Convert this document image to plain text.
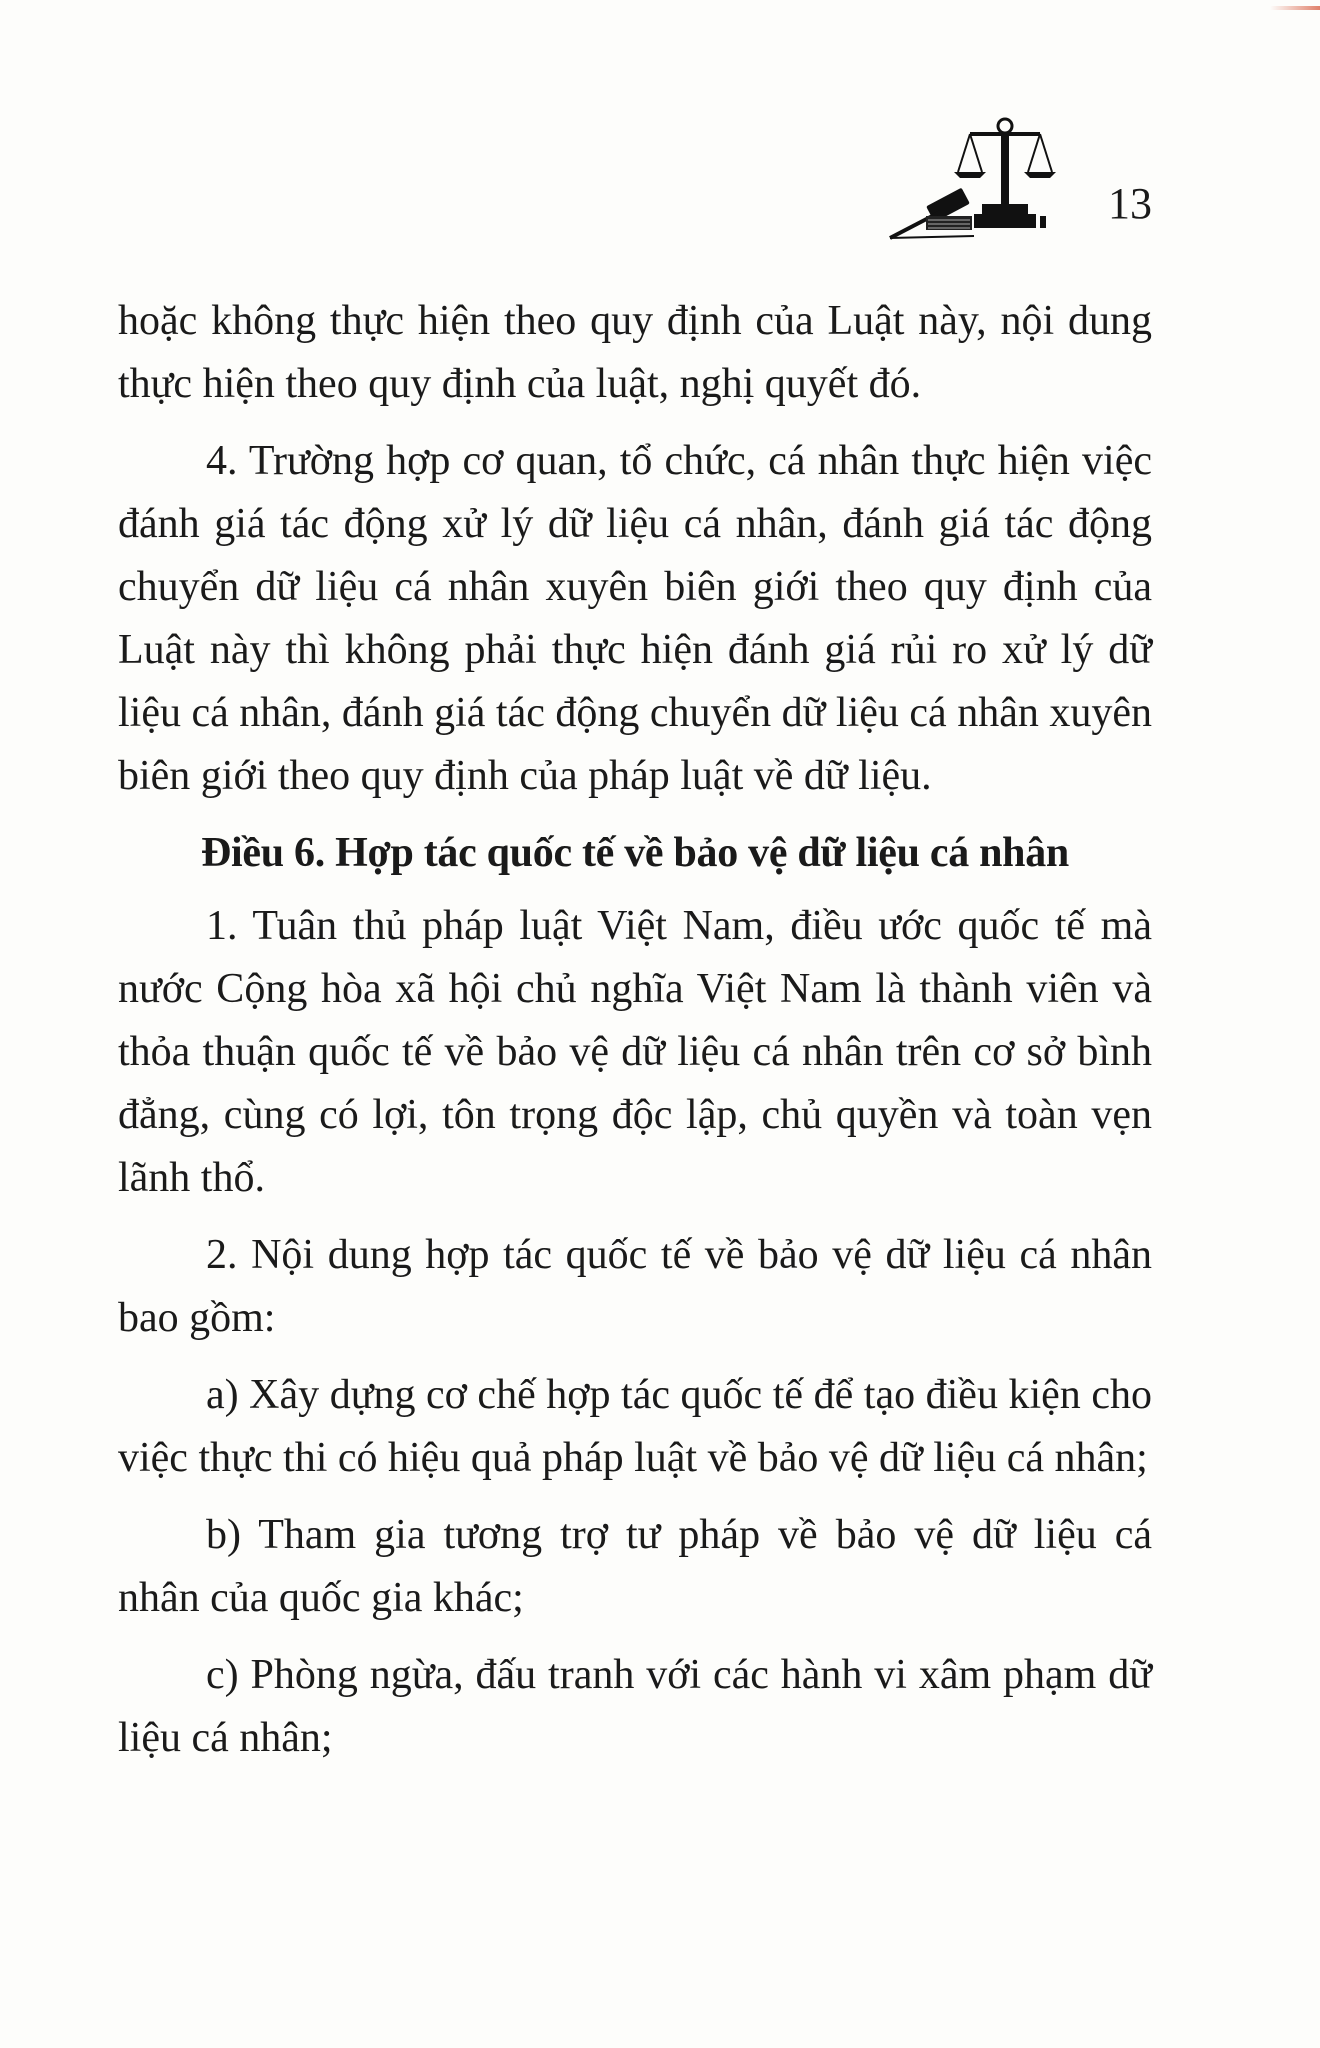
13

hoặc không thực hiện theo quy định của Luật này, nội dung thực hiện theo quy định của luật, nghị quyết đó.

4. Trường hợp cơ quan, tổ chức, cá nhân thực hiện việc đánh giá tác động xử lý dữ liệu cá nhân, đánh giá tác động chuyển dữ liệu cá nhân xuyên biên giới theo quy định của Luật này thì không phải thực hiện đánh giá rủi ro xử lý dữ liệu cá nhân, đánh giá tác động chuyển dữ liệu cá nhân xuyên biên giới theo quy định của pháp luật về dữ liệu.

Điều 6. Hợp tác quốc tế về bảo vệ dữ liệu cá nhân

1. Tuân thủ pháp luật Việt Nam, điều ước quốc tế mà nước Cộng hòa xã hội chủ nghĩa Việt Nam là thành viên và thỏa thuận quốc tế về bảo vệ dữ liệu cá nhân trên cơ sở bình đẳng, cùng có lợi, tôn trọng độc lập, chủ quyền và toàn vẹn lãnh thổ.

2. Nội dung hợp tác quốc tế về bảo vệ dữ liệu cá nhân bao gồm:

a) Xây dựng cơ chế hợp tác quốc tế để tạo điều kiện cho việc thực thi có hiệu quả pháp luật về bảo vệ dữ liệu cá nhân;

b) Tham gia tương trợ tư pháp về bảo vệ dữ liệu cá nhân của quốc gia khác;

c) Phòng ngừa, đấu tranh với các hành vi xâm phạm dữ liệu cá nhân;
